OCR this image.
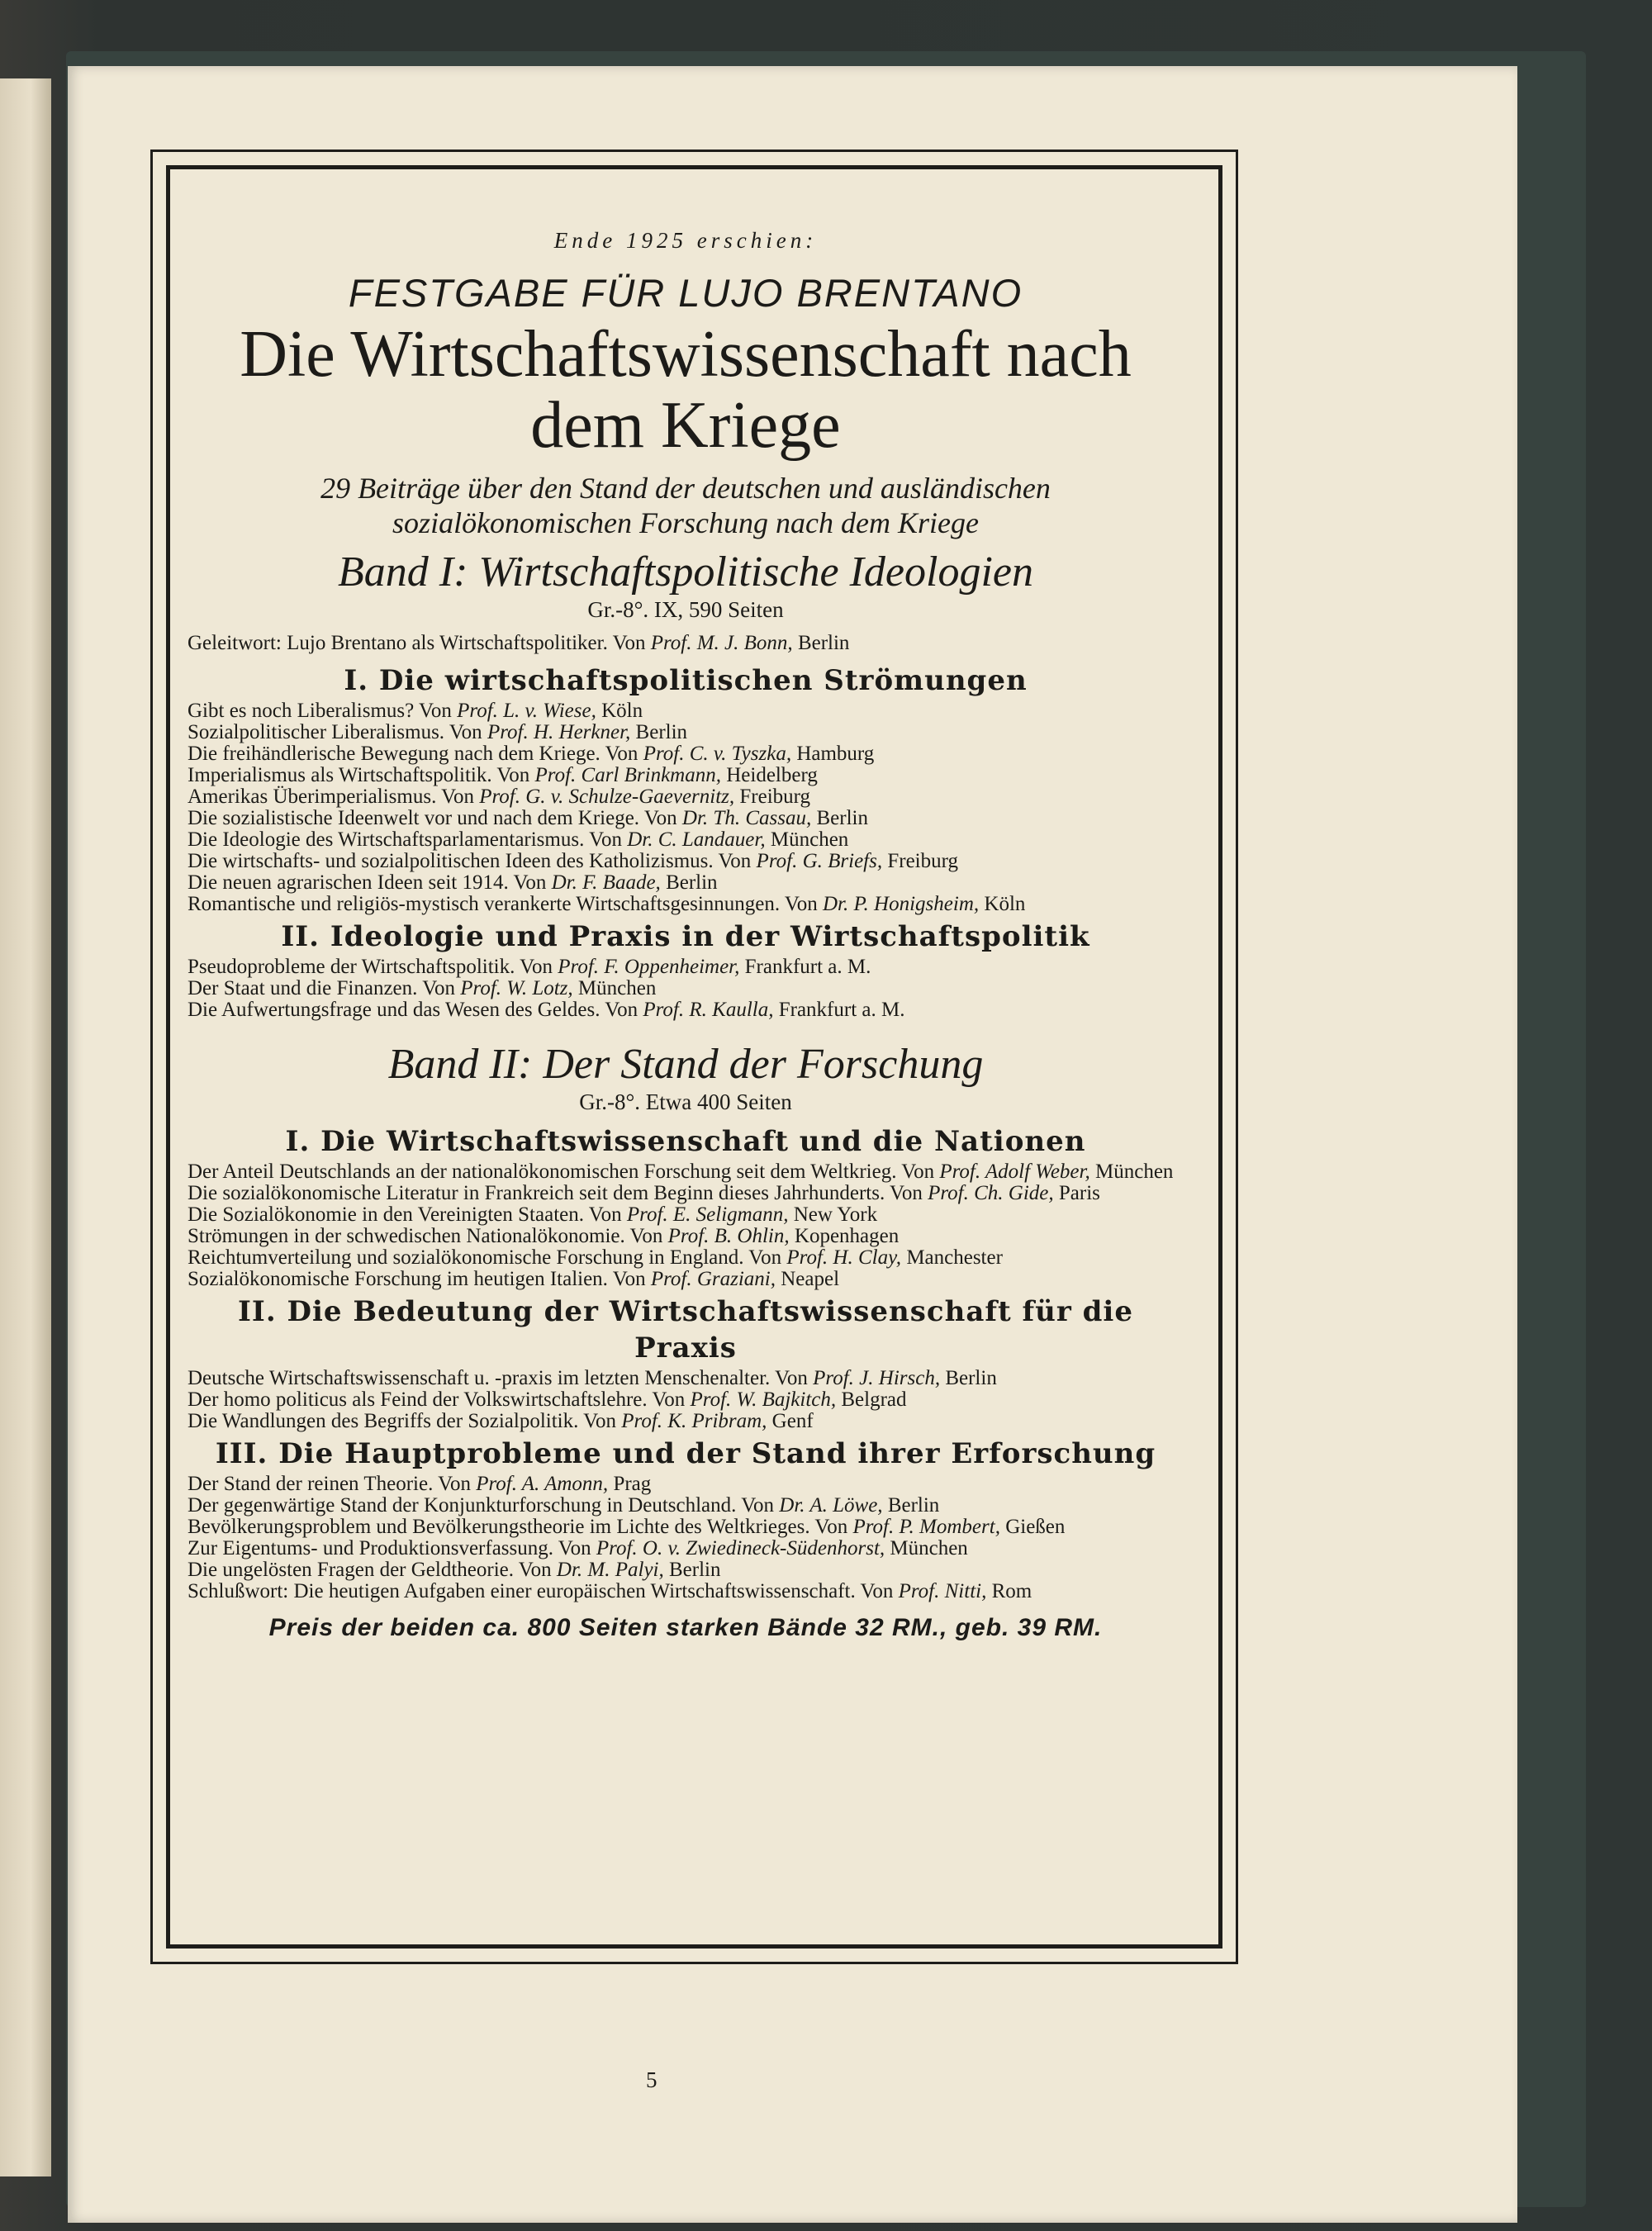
Ende 1925 erschien:
FESTGABE FÜR LUJO BRENTANO
Die Wirtschaftswissenschaft nach
dem Kriege
29 Beiträge über den Stand der deutschen und ausländischen
sozialökonomischen Forschung nach dem Kriege
Band I: Wirtschaftspolitische Ideologien
Gr.-8°. IX, 590 Seiten
Geleitwort: Lujo Brentano als Wirtschaftspolitiker. Von Prof. M. J. Bonn, Berlin
I. Die wirtschaftspolitischen Strömungen
Gibt es noch Liberalismus? Von Prof. L. v. Wiese, Köln
Sozialpolitischer Liberalismus. Von Prof. H. Herkner, Berlin
Die freihändlerische Bewegung nach dem Kriege. Von Prof. C. v. Tyszka, Hamburg
Imperialismus als Wirtschaftspolitik. Von Prof. Carl Brinkmann, Heidelberg
Amerikas Überimperialismus. Von Prof. G. v. Schulze-Gaevernitz, Freiburg
Die sozialistische Ideenwelt vor und nach dem Kriege. Von Dr. Th. Cassau, Berlin
Die Ideologie des Wirtschaftsparlamentarismus. Von Dr. C. Landauer, München
Die wirtschafts- und sozialpolitischen Ideen des Katholizismus. Von Prof. G. Briefs, Freiburg
Die neuen agrarischen Ideen seit 1914. Von Dr. F. Baade, Berlin
Romantische und religiös-mystisch verankerte Wirtschaftsgesinnungen. Von Dr. P. Honigsheim, Köln
II. Ideologie und Praxis in der Wirtschaftspolitik
Pseudoprobleme der Wirtschaftspolitik. Von Prof. F. Oppenheimer, Frankfurt a. M.
Der Staat und die Finanzen. Von Prof. W. Lotz, München
Die Aufwertungsfrage und das Wesen des Geldes. Von Prof. R. Kaulla, Frankfurt a. M.
Band II: Der Stand der Forschung
Gr.-8°. Etwa 400 Seiten
I. Die Wirtschaftswissenschaft und die Nationen
Der Anteil Deutschlands an der nationalökonomischen Forschung seit dem Weltkrieg. Von Prof. Adolf Weber, München
Die sozialökonomische Literatur in Frankreich seit dem Beginn dieses Jahrhunderts. Von Prof. Ch. Gide, Paris
Die Sozialökonomie in den Vereinigten Staaten. Von Prof. E. Seligmann, New York
Strömungen in der schwedischen Nationalökonomie. Von Prof. B. Ohlin, Kopenhagen
Reichtumverteilung und sozialökonomische Forschung in England. Von Prof. H. Clay, Manchester
Sozialökonomische Forschung im heutigen Italien. Von Prof. Graziani, Neapel
II. Die Bedeutung der Wirtschaftswissenschaft für die Praxis
Deutsche Wirtschaftswissenschaft u. -praxis im letzten Menschenalter. Von Prof. J. Hirsch, Berlin
Der homo politicus als Feind der Volkswirtschaftslehre. Von Prof. W. Bajkitch, Belgrad
Die Wandlungen des Begriffs der Sozialpolitik. Von Prof. K. Pribram, Genf
III. Die Hauptprobleme und der Stand ihrer Erforschung
Der Stand der reinen Theorie. Von Prof. A. Amonn, Prag
Der gegenwärtige Stand der Konjunkturforschung in Deutschland. Von Dr. A. Löwe, Berlin
Bevölkerungsproblem und Bevölkerungstheorie im Lichte des Weltkrieges. Von Prof. P. Mombert, Gießen
Zur Eigentums- und Produktionsverfassung. Von Prof. O. v. Zwiedineck-Südenhorst, München
Die ungelösten Fragen der Geldtheorie. Von Dr. M. Palyi, Berlin
Schlußwort: Die heutigen Aufgaben einer europäischen Wirtschaftswissenschaft. Von Prof. Nitti, Rom
Preis der beiden ca. 800 Seiten starken Bände 32 RM., geb. 39 RM.
5
